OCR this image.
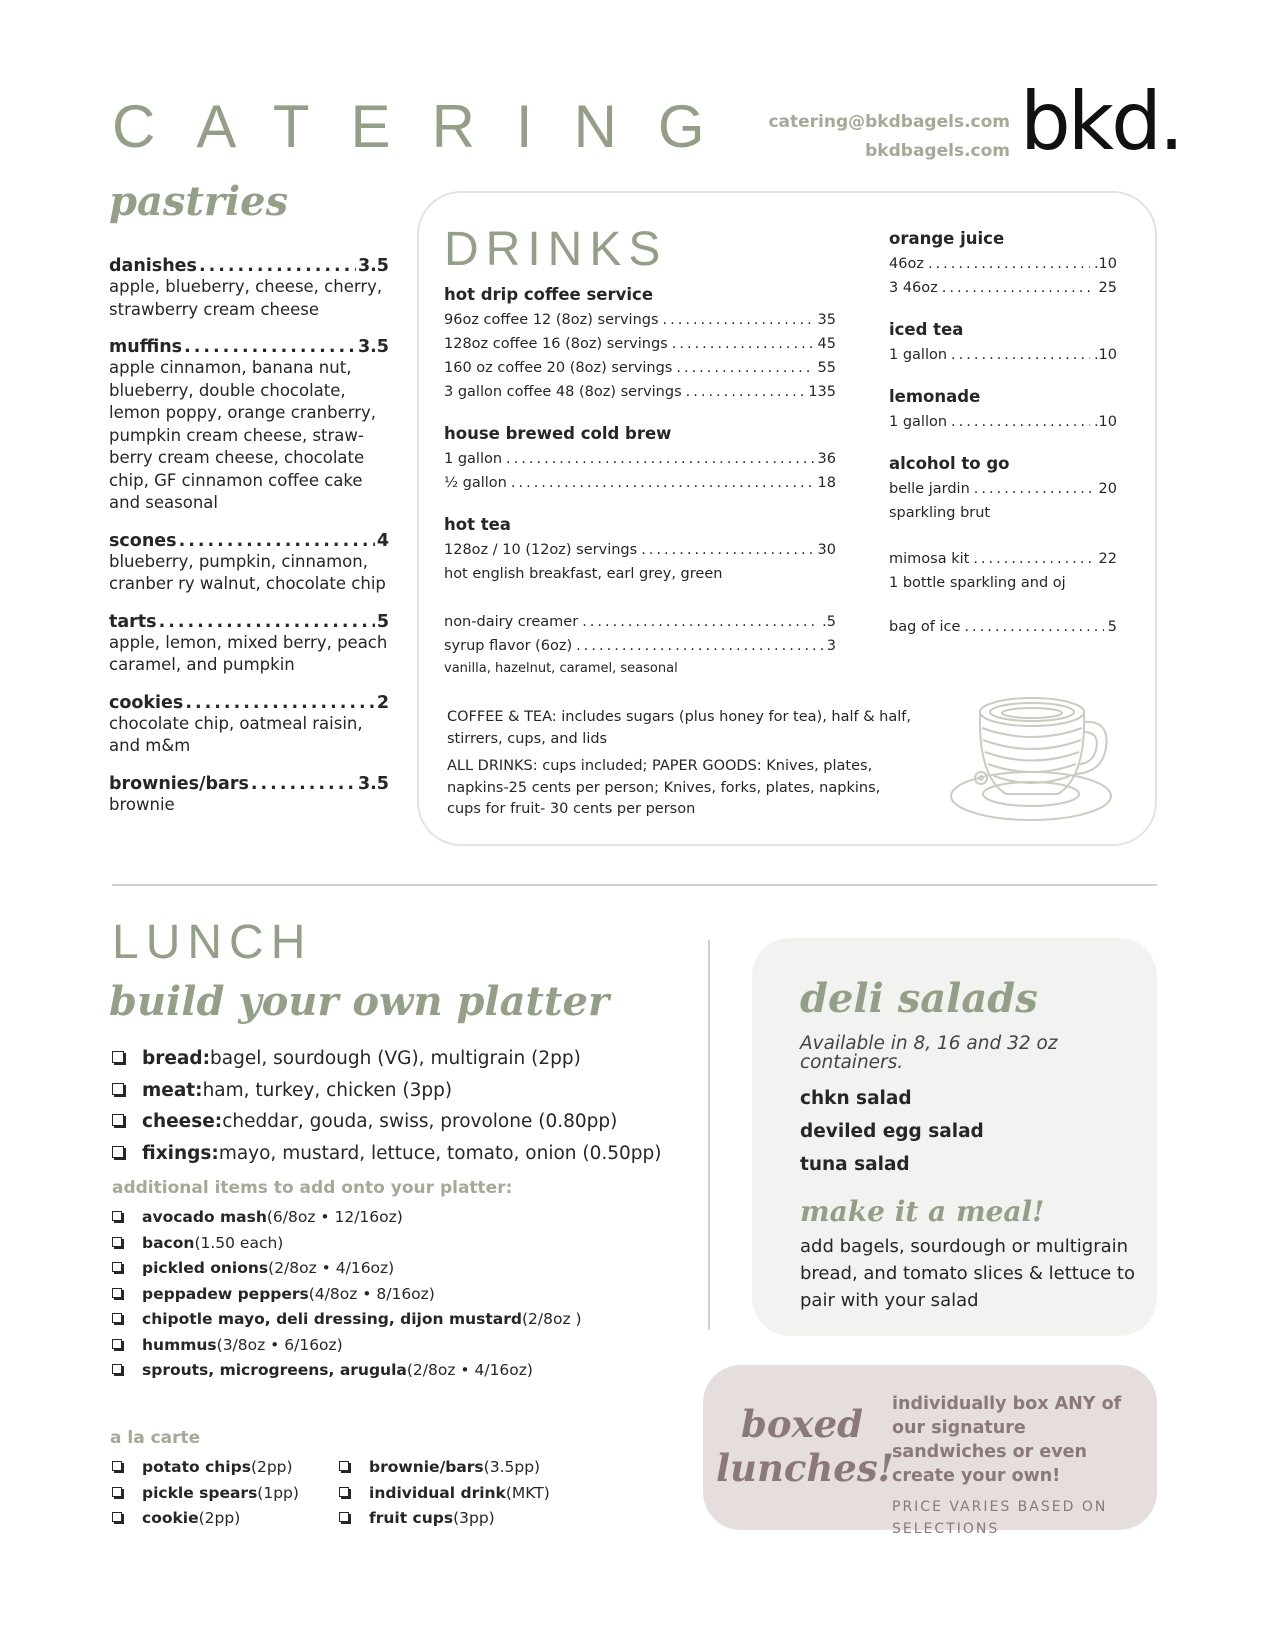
CATERING catering@bkdbagels.com
bkdbagels.com bkd.
pastries
danishes .....	3.5
apple, blueberry, cheese, cherry, strawberry cream cheese
muffins .....	3.5
apple cinnamon, banana nut, blueberry, double chocolate, lemon poppy, orange cranberry, pumpkin cream cheese, straw-berry cream cheese, chocolate chip, GF cinnamon coffee cake and seasonal
scones .....	4
blueberry, pumpkin, cinnamon, cranber ry walnut, chocolate chip
tarts .....	5
apple, lemon, mixed berry, peach caramel, and pumpkin
cookies .....	2
chocolate chip, oatmeal raisin, and m&m
brownies/bars .....	3.5
brownie
DRINKS
hot drip coffee service
96oz coffee 12 (8oz) servings .....	35
128oz coffee 16 (8oz) servings .....	45
160 oz coffee 20 (8oz) servings .....	55
3 gallon coffee 48 (8oz) servings .....	135
house brewed cold brew
1 gallon .....	36
½ gallon .....	18
hot tea
128oz / 10 (12oz) servings .....	30
hot english breakfast, earl grey, green
non-dairy creamer .....	.5
syrup flavor (6oz) .....	3
vanilla, hazelnut, caramel, seasonal
orange juice
46oz .....	.10
3 46oz .....	25
iced tea
1 gallon .....	.10
lemonade
1 gallon .....	.10
alcohol to go
belle jardin .....	20
sparkling brut
mimosa kit .....	22
1 bottle sparkling and oj
bag of ice .....	5

COFFEE & TEA: includes sugars (plus honey for tea), half & half, stirrers, cups, and lids

ALL DRINKS: cups included; PAPER GOODS: Knives, plates, napkins-25 cents per person; Knives, forks, plates, napkins, cups for fruit- 30 cents per person

LUNCH
build your own platter
bread: bagel, sourdough (VG), multigrain (2pp)
meat: ham, turkey, chicken (3pp)
cheese: cheddar, gouda, swiss, provolone (0.80pp)
fixings: mayo, mustard, lettuce, tomato, onion (0.50pp)
additional items to add onto your platter:
avocado mash (6/8oz • 12/16oz)
bacon (1.50 each)
pickled onions (2/8oz • 4/16oz)
peppadew peppers (4/8oz • 8/16oz)
chipotle mayo, deli dressing, dijon mustard (2/8oz )
hummus (3/8oz • 6/16oz)
sprouts, microgreens, arugula (2/8oz • 4/16oz)
a la carte
potato chips (2pp)
pickle spears (1pp)
cookie (2pp)
brownie/bars (3.5pp)
individual drink (MKT)
fruit cups (3pp)
deli salads
Available in 8, 16 and 32 oz containers.
chkn salad
deviled egg salad
tuna salad
make it a meal!
add bagels, sourdough or multigrain bread, and tomato slices & lettuce to pair with your salad
boxed
lunches!
individually box ANY of our signature sandwiches or even create your own!
PRICE VARIES BASED ON SELECTIONS
